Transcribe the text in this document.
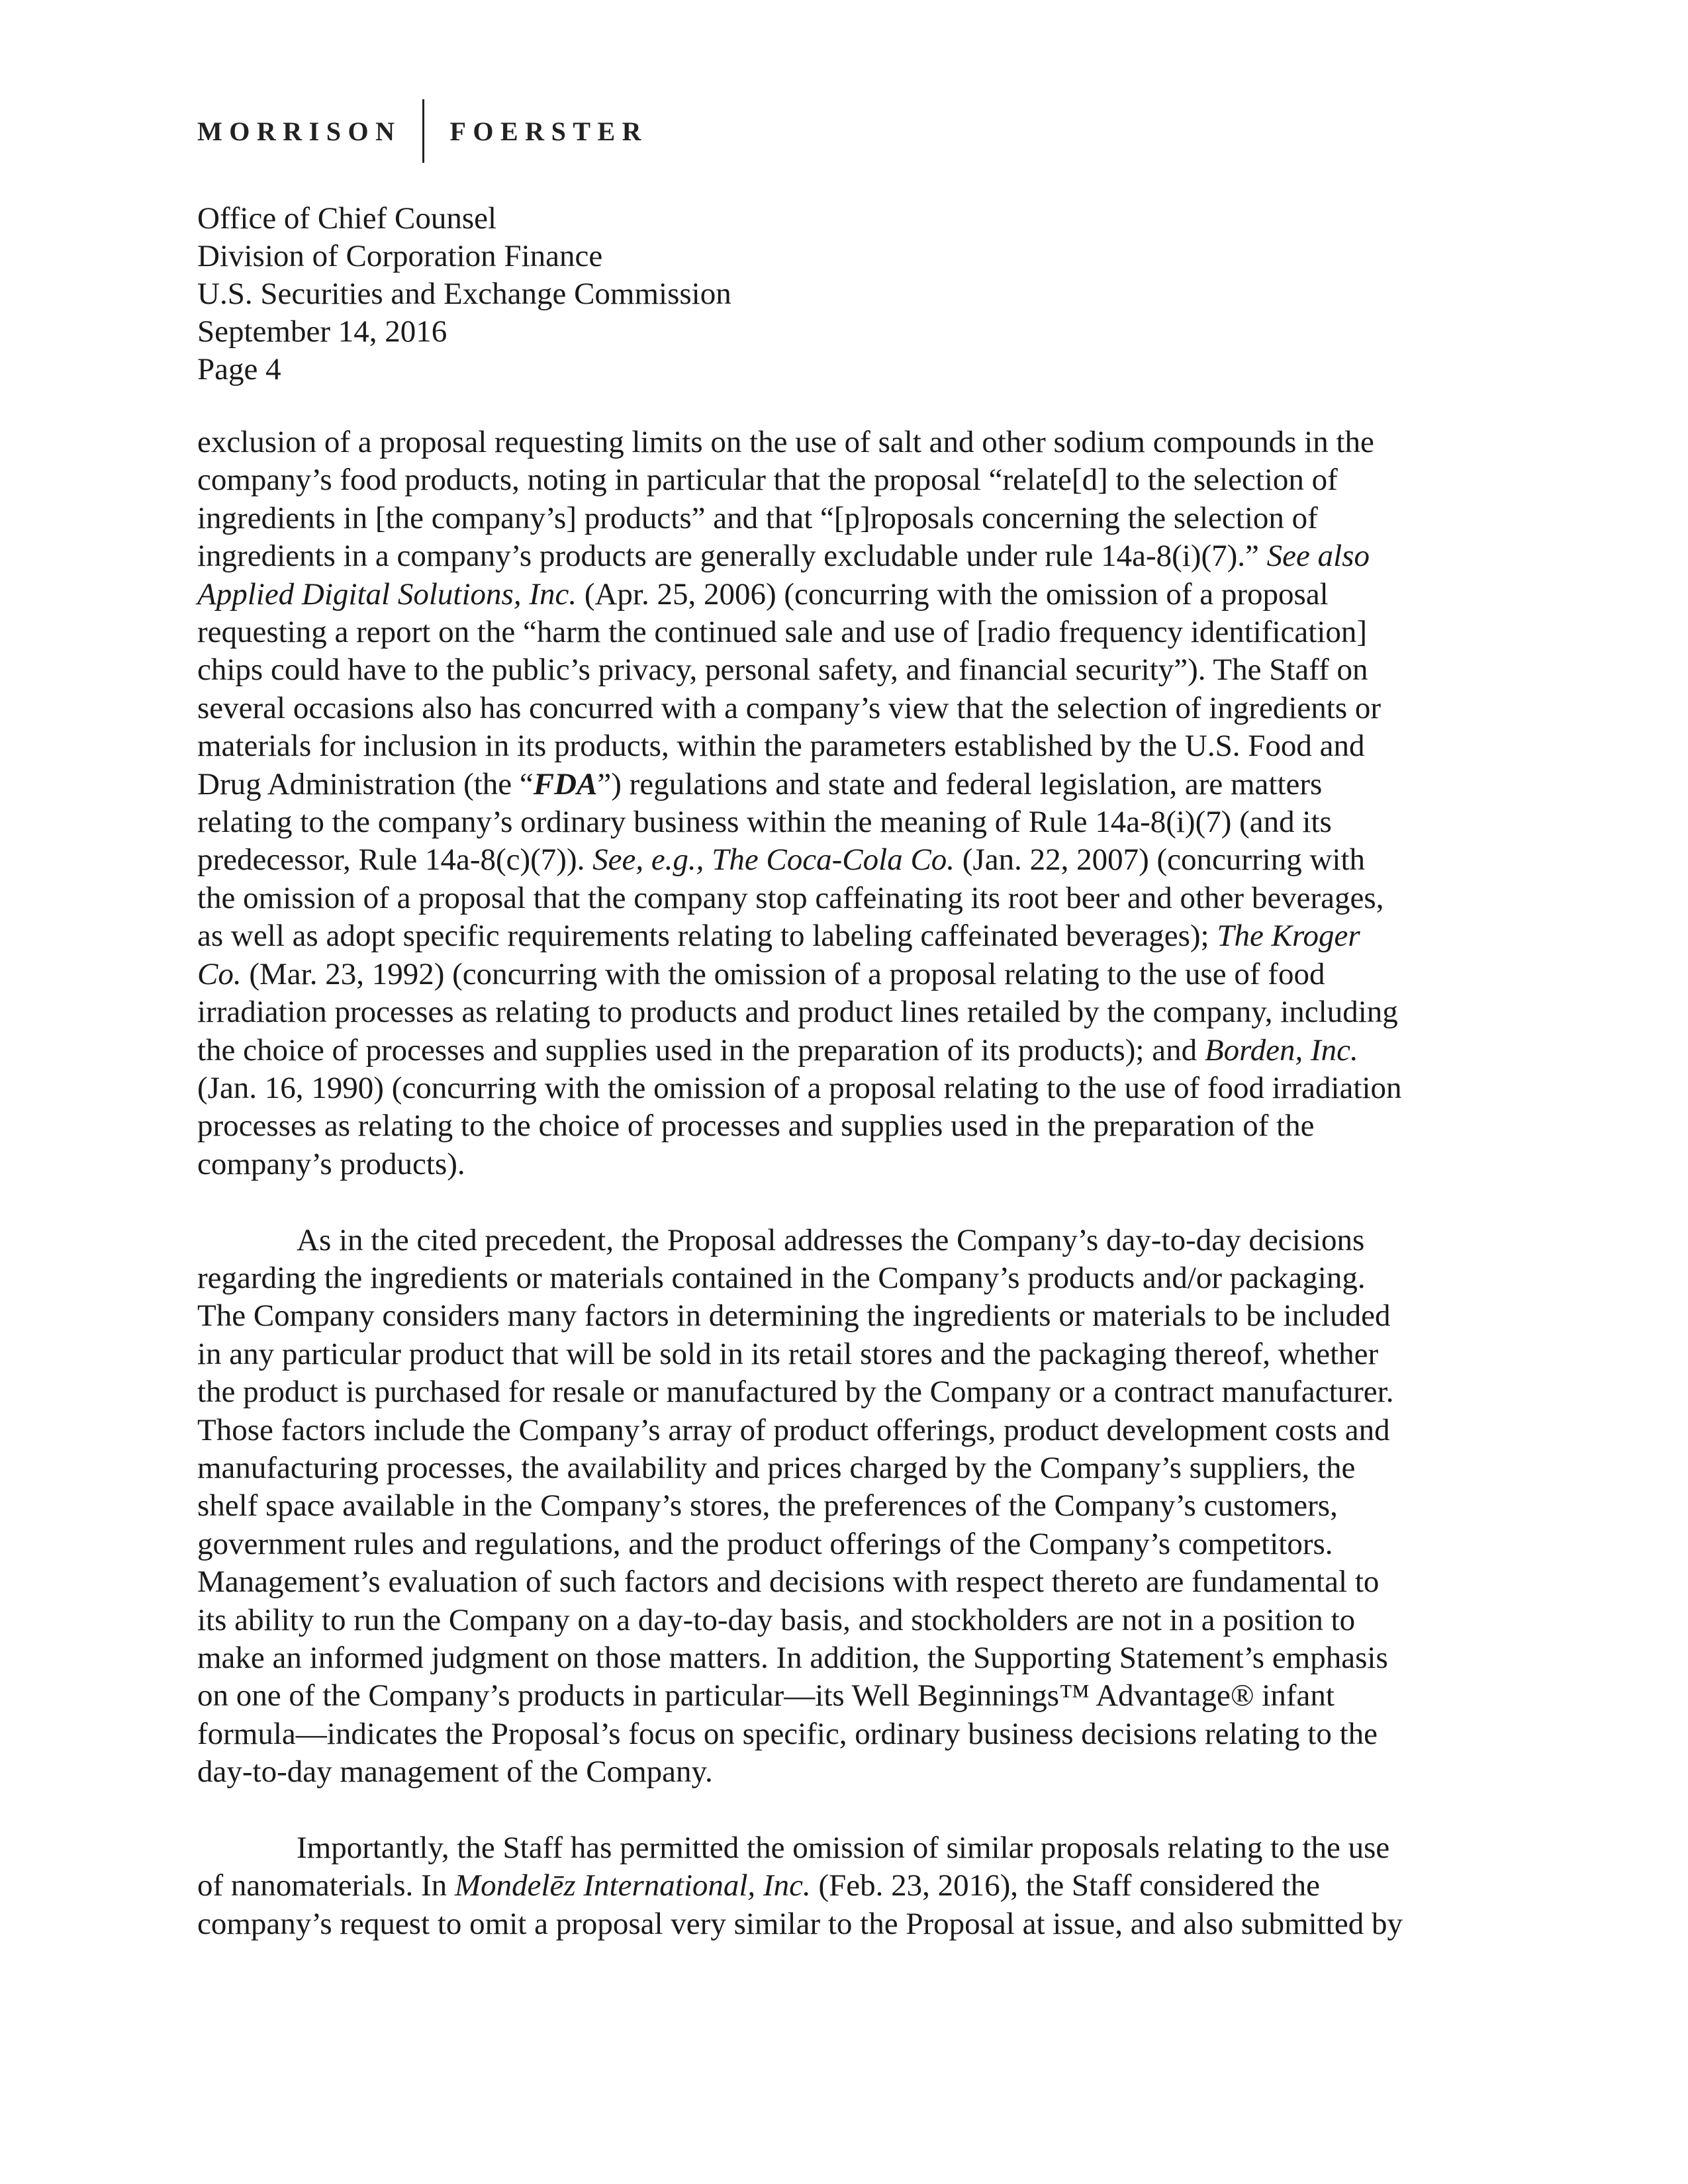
MORRISON FOERSTER
Office of Chief Counsel
Division of Corporation Finance
U.S. Securities and Exchange Commission
September 14, 2016
Page 4
exclusion of a proposal requesting limits on the use of salt and other sodium compounds in the
company’s food products, noting in particular that the proposal “relate[d] to the selection of
ingredients in [the company’s] products” and that “[p]roposals concerning the selection of
ingredients in a company’s products are generally excludable under rule 14a-8(i)(7).” See also
Applied Digital Solutions, Inc. (Apr. 25, 2006) (concurring with the omission of a proposal
requesting a report on the “harm the continued sale and use of [radio frequency identification]
chips could have to the public’s privacy, personal safety, and financial security”). The Staff on
several occasions also has concurred with a company’s view that the selection of ingredients or
materials for inclusion in its products, within the parameters established by the U.S. Food and
Drug Administration (the “FDA”) regulations and state and federal legislation, are matters
relating to the company’s ordinary business within the meaning of Rule 14a-8(i)(7) (and its
predecessor, Rule 14a-8(c)(7)). See, e.g., The Coca-Cola Co. (Jan. 22, 2007) (concurring with
the omission of a proposal that the company stop caffeinating its root beer and other beverages,
as well as adopt specific requirements relating to labeling caffeinated beverages); The Kroger
Co. (Mar. 23, 1992) (concurring with the omission of a proposal relating to the use of food
irradiation processes as relating to products and product lines retailed by the company, including
the choice of processes and supplies used in the preparation of its products); and Borden, Inc.
(Jan. 16, 1990) (concurring with the omission of a proposal relating to the use of food irradiation
processes as relating to the choice of processes and supplies used in the preparation of the
company’s products).
As in the cited precedent, the Proposal addresses the Company’s day-to-day decisions
regarding the ingredients or materials contained in the Company’s products and/or packaging.
The Company considers many factors in determining the ingredients or materials to be included
in any particular product that will be sold in its retail stores and the packaging thereof, whether
the product is purchased for resale or manufactured by the Company or a contract manufacturer.
Those factors include the Company’s array of product offerings, product development costs and
manufacturing processes, the availability and prices charged by the Company’s suppliers, the
shelf space available in the Company’s stores, the preferences of the Company’s customers,
government rules and regulations, and the product offerings of the Company’s competitors.
Management’s evaluation of such factors and decisions with respect thereto are fundamental to
its ability to run the Company on a day-to-day basis, and stockholders are not in a position to
make an informed judgment on those matters. In addition, the Supporting Statement’s emphasis
on one of the Company’s products in particular—its Well Beginnings™ Advantage® infant
formula—indicates the Proposal’s focus on specific, ordinary business decisions relating to the
day-to-day management of the Company.
Importantly, the Staff has permitted the omission of similar proposals relating to the use
of nanomaterials. In Mondelēz International, Inc. (Feb. 23, 2016), the Staff considered the
company’s request to omit a proposal very similar to the Proposal at issue, and also submitted by
